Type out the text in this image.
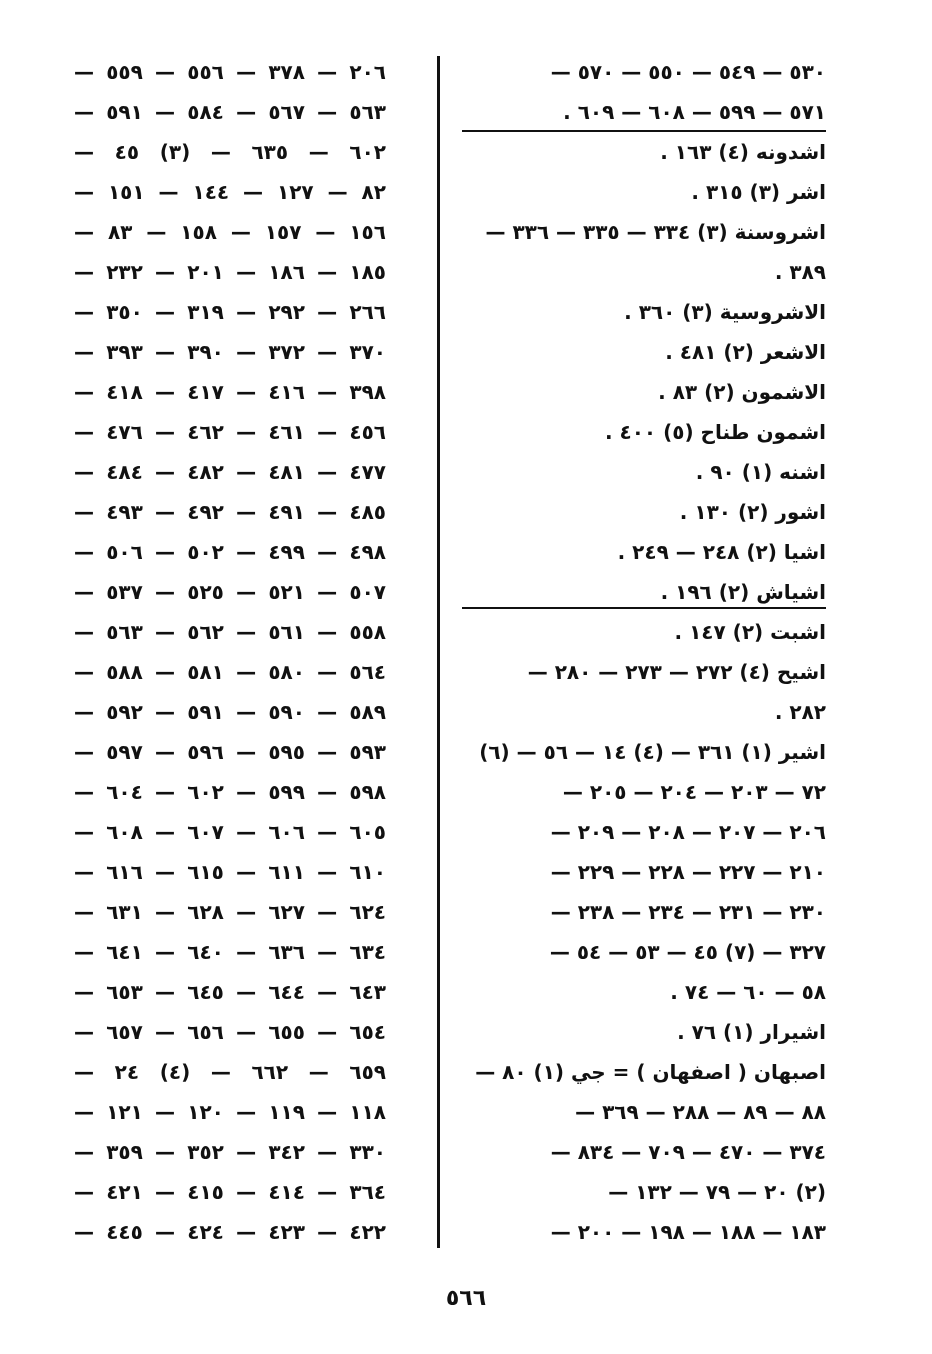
٥٣٠ — ٥٤٩ — ٥٥٠ — ٥٧٠ —
٥٧١ — ٥٩٩ — ٦٠٨ — ٦٠٩ .
اشدونه (٤) ١٦٣ .
اشر (٣) ٣١٥ .
اشروسنة (٣) ٣٣٤ — ٣٣٥ — ٣٣٦ —
٣٨٩ .
الاشروسية (٣) ٣٦٠ .
الاشعر (٢) ٤٨١ .
الاشمون (٢) ٨٣ .
اشمون طناح (٥) ٤٠٠ .
اشنه (١) ٩٠ .
اشور (٢) ١٣٠ .
اشيا (٢) ٢٤٨ — ٢٤٩ .
اشياش (٢) ١٩٦ .
اشبت (٢) ١٤٧ .
اشيح (٤) ٢٧٢ — ٢٧٣ — ٢٨٠ —
٢٨٢ .
اشير (١) ٣٦١ — (٤) ١٤ — ٥٦ — (٦)
٧٢ — ٢٠٣ — ٢٠٤ — ٢٠٥ —
٢٠٦ — ٢٠٧ — ٢٠٨ — ٢٠٩ —
٢١٠ — ٢٢٧ — ٢٢٨ — ٢٢٩ —
٢٣٠ — ٢٣١ — ٢٣٤ — ٢٣٨ —
٣٢٧ — (٧) ٤٥ — ٥٣ — ٥٤ —
٥٨ — ٦٠ — ٧٤ .
اشيرار (١) ٧٦ .
اصبهان ( اصفهان ) = جي (١) ٨٠ —
٨٨ — ٨٩ — ٢٨٨ — ٣٦٩ —
٣٧٤ — ٤٧٠ — ٧٠٩ — ٨٣٤ —
(٢) ٢٠ — ٧٩ — ١٣٢ —
١٨٣ — ١٨٨ — ١٩٨ — ٢٠٠ —
٢٠٦ — ٣٧٨ — ٥٥٦ — ٥٥٩ —
٥٦٣ — ٥٦٧ — ٥٨٤ — ٥٩١ —
٦٠٢ — ٦٣٥ — (٣) ٤٥ —
٨٢ — ١٢٧ — ١٤٤ — ١٥١ —
١٥٦ — ١٥٧ — ١٥٨ — ٨٣ —
١٨٥ — ١٨٦ — ٢٠١ — ٢٣٢ —
٢٦٦ — ٢٩٢ — ٣١٩ — ٣٥٠ —
٣٧٠ — ٣٧٢ — ٣٩٠ — ٣٩٣ —
٣٩٨ — ٤١٦ — ٤١٧ — ٤١٨ —
٤٥٦ — ٤٦١ — ٤٦٢ — ٤٧٦ —
٤٧٧ — ٤٨١ — ٤٨٢ — ٤٨٤ —
٤٨٥ — ٤٩١ — ٤٩٢ — ٤٩٣ —
٤٩٨ — ٤٩٩ — ٥٠٢ — ٥٠٦ —
٥٠٧ — ٥٢١ — ٥٢٥ — ٥٣٧ —
٥٥٨ — ٥٦١ — ٥٦٢ — ٥٦٣ —
٥٦٤ — ٥٨٠ — ٥٨١ — ٥٨٨ —
٥٨٩ — ٥٩٠ — ٥٩١ — ٥٩٢ —
٥٩٣ — ٥٩٥ — ٥٩٦ — ٥٩٧ —
٥٩٨ — ٥٩٩ — ٦٠٢ — ٦٠٤ —
٦٠٥ — ٦٠٦ — ٦٠٧ — ٦٠٨ —
٦١٠ — ٦١١ — ٦١٥ — ٦١٦ —
٦٢٤ — ٦٢٧ — ٦٢٨ — ٦٣١ —
٦٣٤ — ٦٣٦ — ٦٤٠ — ٦٤١ —
٦٤٣ — ٦٤٤ — ٦٤٥ — ٦٥٣ —
٦٥٤ — ٦٥٥ — ٦٥٦ — ٦٥٧ —
٦٥٩ — ٦٦٢ — (٤) ٢٤ —
١١٨ — ١١٩ — ١٢٠ — ١٢١ —
٣٣٠ — ٣٤٢ — ٣٥٢ — ٣٥٩ —
٣٦٤ — ٤١٤ — ٤١٥ — ٤٢١ —
٤٢٢ — ٤٢٣ — ٤٢٤ — ٤٤٥ —
٥٦٦
